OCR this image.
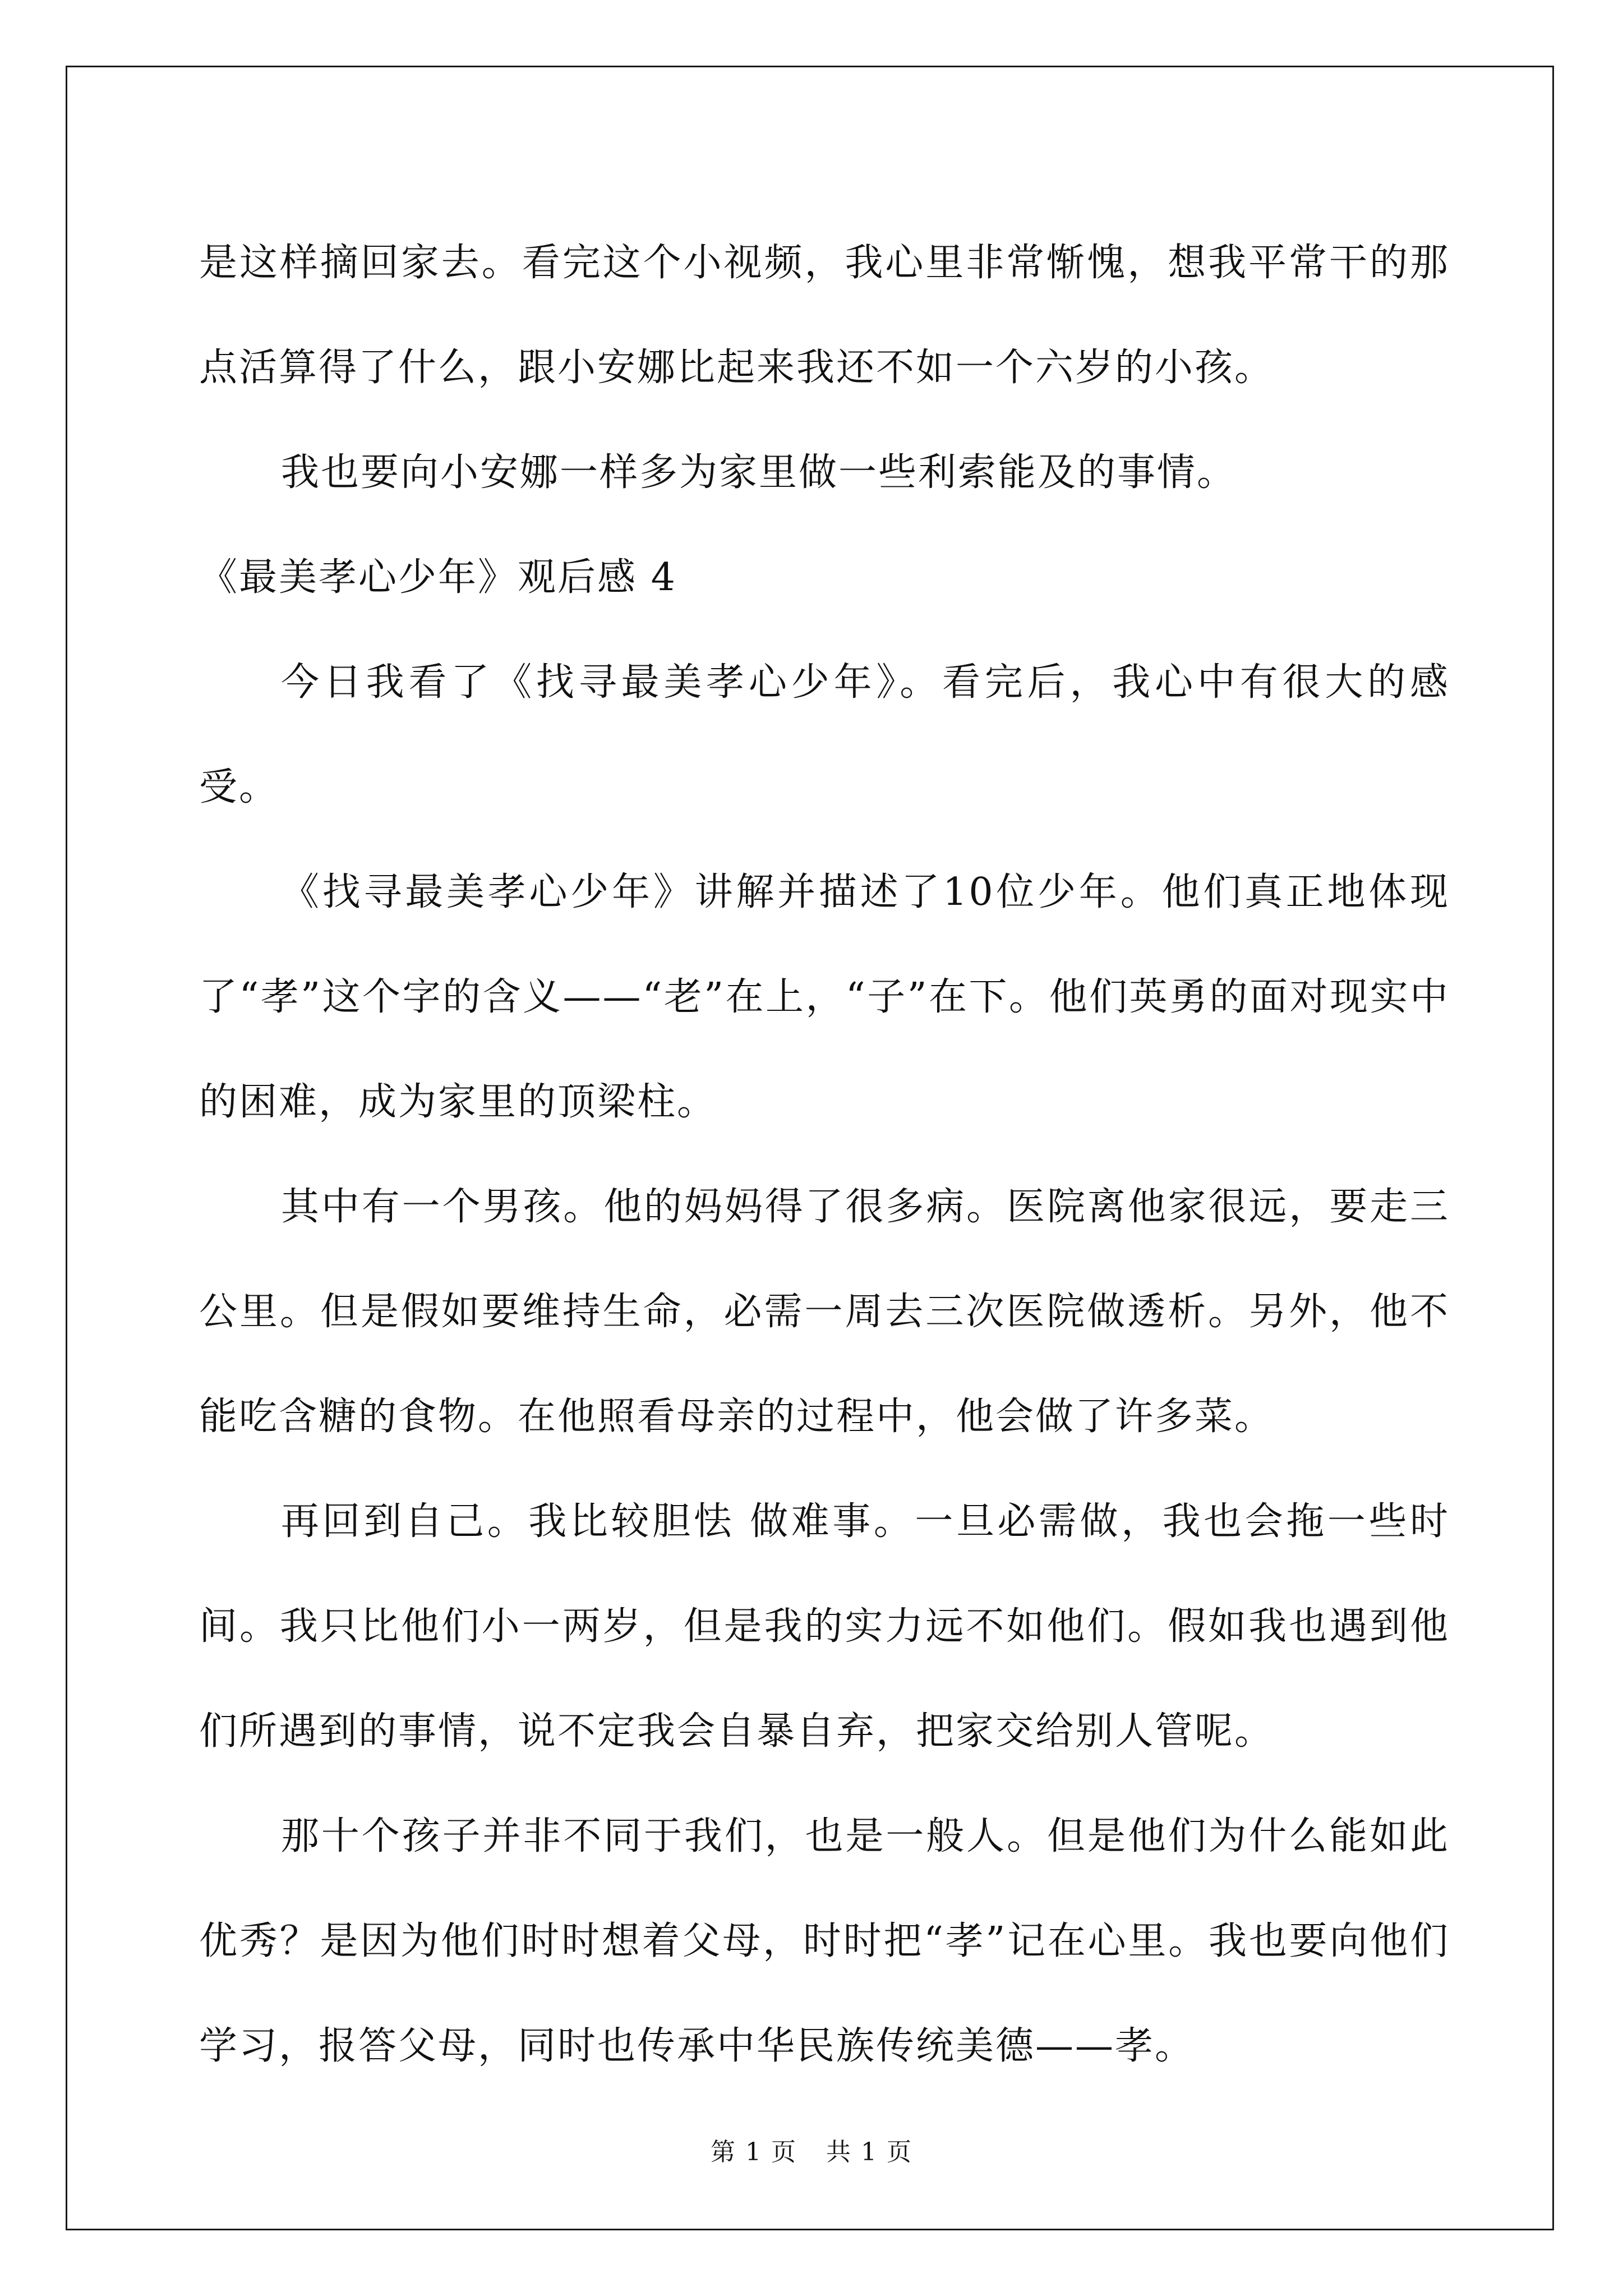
是这样摘回家去。看完这个小视频，我心里非常惭愧，想我平常干的那点活算得了什么，跟小安娜比起来我还不如一个六岁的小孩。

我也要向小安娜一样多为家里做一些利索能及的事情。

《最美孝心少年》观后感 4

今日我看了《找寻最美孝心少年》。看完后，我心中有很大的感受。

《找寻最美孝心少年》讲解并描述了10位少年。他们真正地体现了“孝”这个字的含义——“老”在上，“子”在下。他们英勇的面对现实中的困难，成为家里的顶梁柱。

其中有一个男孩。他的妈妈得了很多病。医院离他家很远，要走三公里。但是假如要维持生命，必需一周去三次医院做透析。另外，他不能吃含糖的食物。在他照看母亲的过程中，他会做了许多菜。

再回到自己。我比较胆怯 做难事。一旦必需做，我也会拖一些时间。我只比他们小一两岁，但是我的实力远不如他们。假如我也遇到他们所遇到的事情，说不定我会自暴自弃，把家交给别人管呢。

那十个孩子并非不同于我们，也是一般人。但是他们为什么能如此优秀？是因为他们时时想着父母，时时把“孝”记在心里。我也要向他们学习，报答父母，同时也传承中华民族传统美德——孝。

第 1 页 共 1 页
